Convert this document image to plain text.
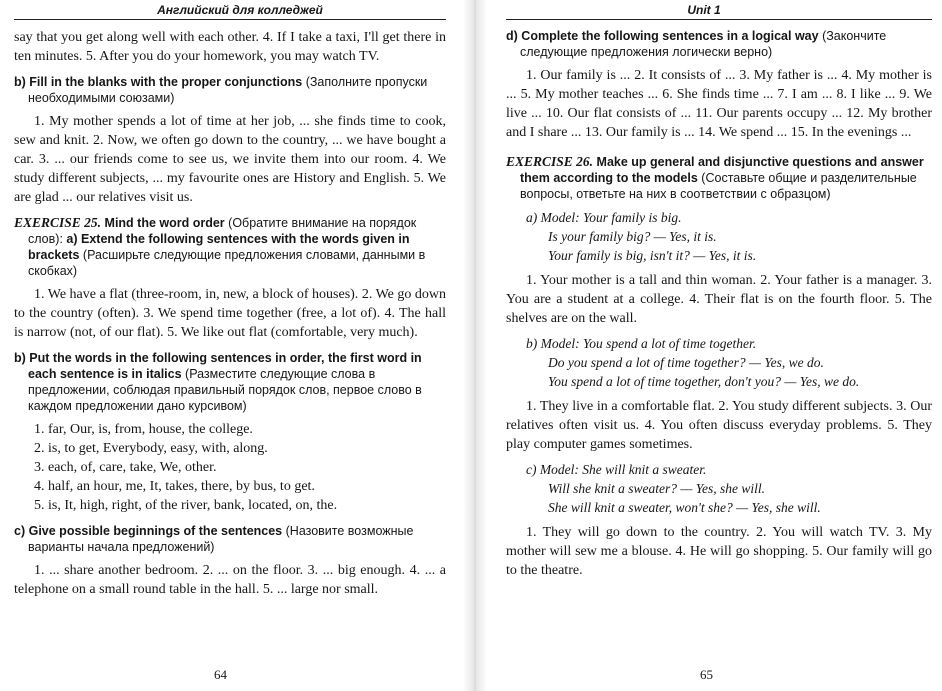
Английский для колледжей

say that you get along well with each other. 4. If I take a taxi, I'll get there in ten minutes. 5. After you do your homework, you may watch TV.

b) Fill in the blanks with the proper conjunctions (Заполните пропуски необходимыми союзами)

1. My mother spends a lot of time at her job, ... she finds time to cook, sew and knit. 2. Now, we often go down to the country, ... we have bought a car. 3. ... our friends come to see us, we invite them into our room. 4. We study different subjects, ... my favourite ones are History and English. 5. We are glad ... our relatives visit us.

EXERCISE 25. Mind the word order (Обратите внимание на порядок слов): a) Extend the following sentences with the words given in brackets (Расширьте следующие предложения словами, данными в скобках)

1. We have a flat (three-room, in, new, a block of houses). 2. We go down to the country (often). 3. We spend time together (free, a lot of). 4. The hall is narrow (not, of our flat). 5. We like out flat (comfortable, very much).

b) Put the words in the following sentences in order, the first word in each sentence is in italics (Разместите следующие слова в предложении, соблюдая правильный порядок слов, первое слово в каждом предложении дано курсивом)

1. far, Our, is, from, house, the college.

2. is, to get, Everybody, easy, with, along.

3. each, of, care, take, We, other.

4. half, an hour, me, It, takes, there, by bus, to get.

5. is, It, high, right, of the river, bank, located, on, the.

c) Give possible beginnings of the sentences (Назовите возможные варианты начала предложений)

1. ... share another bedroom. 2. ... on the floor. 3. ... big enough. 4. ... a telephone on a small round table in the hall. 5. ... large nor small.

64
Unit 1

d) Complete the following sentences in a logical way (Закончите следующие предложения логически верно)

1. Our family is ... 2. It consists of ... 3. My father is ... 4. My mother is ... 5. My mother teaches ... 6. She finds time ... 7. I am ... 8. I like ... 9. We live ... 10. Our flat consists of ... 11. Our parents occupy ... 12. My brother and I share ... 13. Our family is ... 14. We spend ... 15. In the evenings ...

EXERCISE 26. Make up general and disjunctive questions and answer them according to the models (Составьте общие и разделительные вопросы, ответьте на них в соответствии с образцом)

a) Model: Your family is big.

Is your family big? — Yes, it is.

Your family is big, isn't it? — Yes, it is.

1. Your mother is a tall and thin woman. 2. Your father is a manager. 3. You are a student at a college. 4. Their flat is on the fourth floor. 5. The shelves are on the wall.

b) Model: You spend a lot of time together.

Do you spend a lot of time together? — Yes, we do.

You spend a lot of time together, don't you? — Yes, we do.

1. They live in a comfortable flat. 2. You study different subjects. 3. Our relatives often visit us. 4. You often discuss everyday problems. 5. They play computer games sometimes.

c) Model: She will knit a sweater.

Will she knit a sweater? — Yes, she will.

She will knit a sweater, won't she? — Yes, she will.

1. They will go down to the country. 2. You will watch TV. 3. My mother will sew me a blouse. 4. He will go shopping. 5. Our family will go to the theatre.

65
